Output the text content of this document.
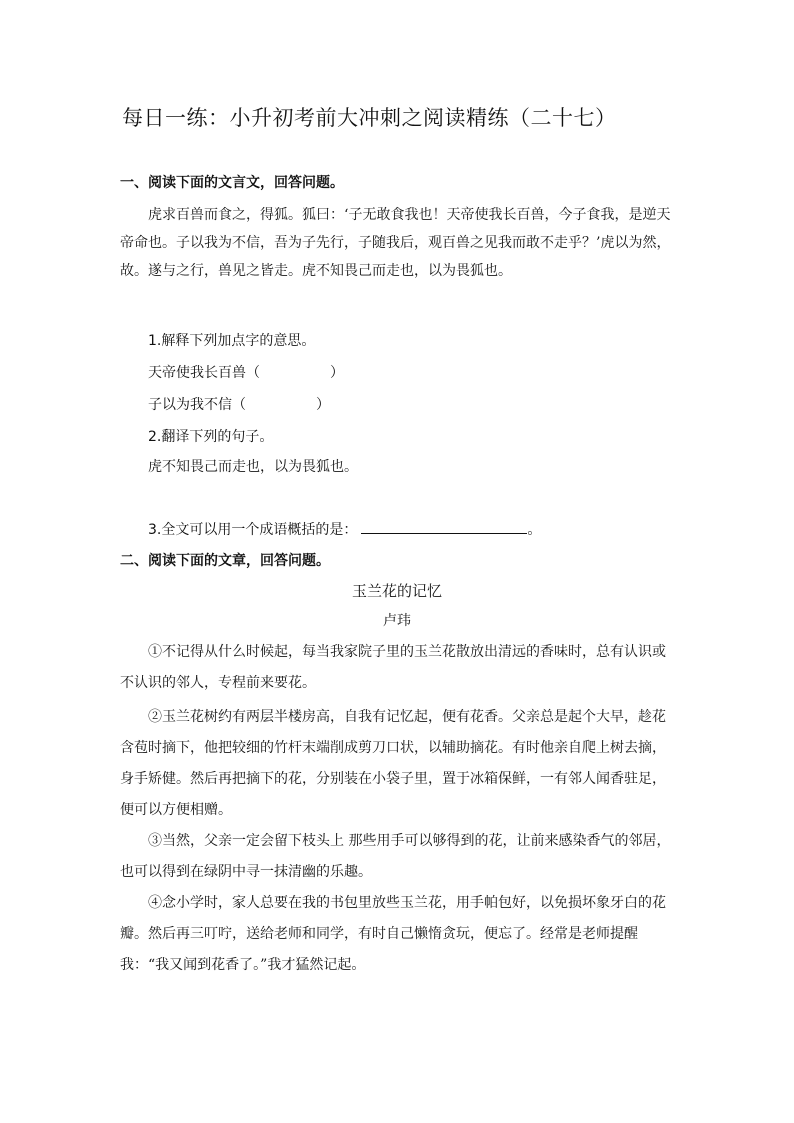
每日一练：小升初考前大冲刺之阅读精练（二十七）
一、阅读下面的文言文，回答问题。

虎求百兽而食之，得狐。狐曰：‘子无敢食我也！天帝使我长百兽，今子食我，是逆天帝命也。子以我为不信，吾为子先行，子随我后，观百兽之见我而敢不走乎？’虎以为然，故。遂与之行，兽见之皆走。虎不知畏己而走也，以为畏狐也。

1.解释下列加点字的意思。
天帝使我长百兽（	）
子以为我不信（	）
2.翻译下列的句子。
虎不知畏己而走也，以为畏狐也。
3.全文可以用一个成语概括的是：	。
二、阅读下面的文章，回答问题。
玉兰花的记忆
卢玮

①不记得从什么时候起，每当我家院子里的玉兰花散放出清远的香味时，总有认识或 不认识的邻人，专程前来要花。

②玉兰花树约有两层半楼房高，自我有记忆起，便有花香。父亲总是起个大早，趁花含苞时摘下，他把较细的竹杆末端削成剪刀口状，以辅助摘花。有时他亲自爬上树去摘，身手矫健。然后再把摘下的花，分别装在小袋子里，置于冰箱保鲜，一有邻人闻香驻足，便可以方便相赠。

③当然，父亲一定会留下枝头上 那些用手可以够得到的花，让前来感染香气的邻居，也可以得到在绿阴中寻一抹清幽的乐趣。

④念小学时，家人总要在我的书包里放些玉兰花，用手帕包好，以免损坏象牙白的花瓣。然后再三叮咛，送给老师和同学，有时自己懒惰贪玩，便忘了。经常是老师提醒我：“我又闻到花香了。”我才猛然记起。
